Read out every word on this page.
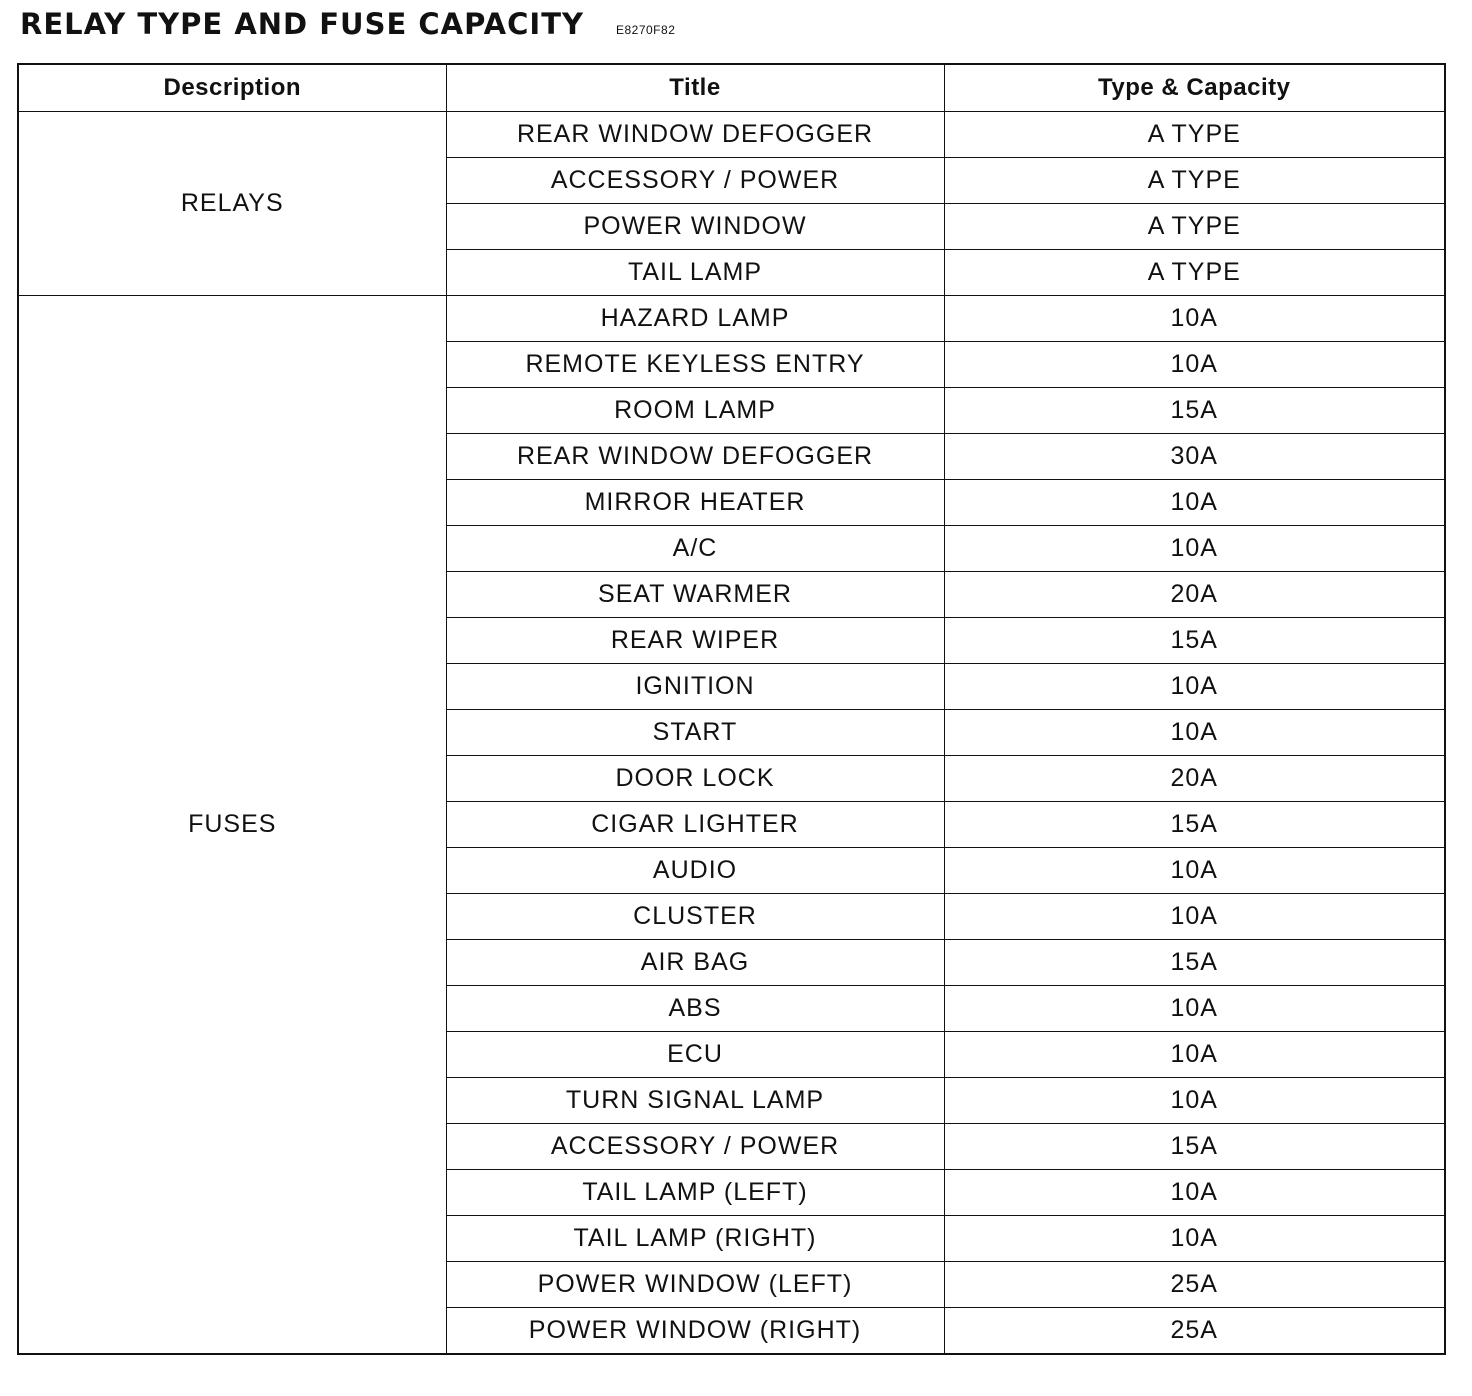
RELAY TYPE AND FUSE CAPACITY	E8270F82
Description	Title	Type & Capacity
RELAYS	REAR WINDOW DEFOGGER	A TYPE
	ACCESSORY / POWER	A TYPE
	POWER WINDOW	A TYPE
	TAIL LAMP	A TYPE
FUSES	HAZARD LAMP	10A
	REMOTE KEYLESS ENTRY	10A
	ROOM LAMP	15A
	REAR WINDOW DEFOGGER	30A
	MIRROR HEATER	10A
	A/C	10A
	SEAT WARMER	20A
	REAR WIPER	15A
	IGNITION	10A
	START	10A
	DOOR LOCK	20A
	CIGAR LIGHTER	15A
	AUDIO	10A
	CLUSTER	10A
	AIR BAG	15A
	ABS	10A
	ECU	10A
	TURN SIGNAL LAMP	10A
	ACCESSORY / POWER	15A
	TAIL LAMP (LEFT)	10A
	TAIL LAMP (RIGHT)	10A
	POWER WINDOW (LEFT)	25A
	POWER WINDOW (RIGHT)	25A
